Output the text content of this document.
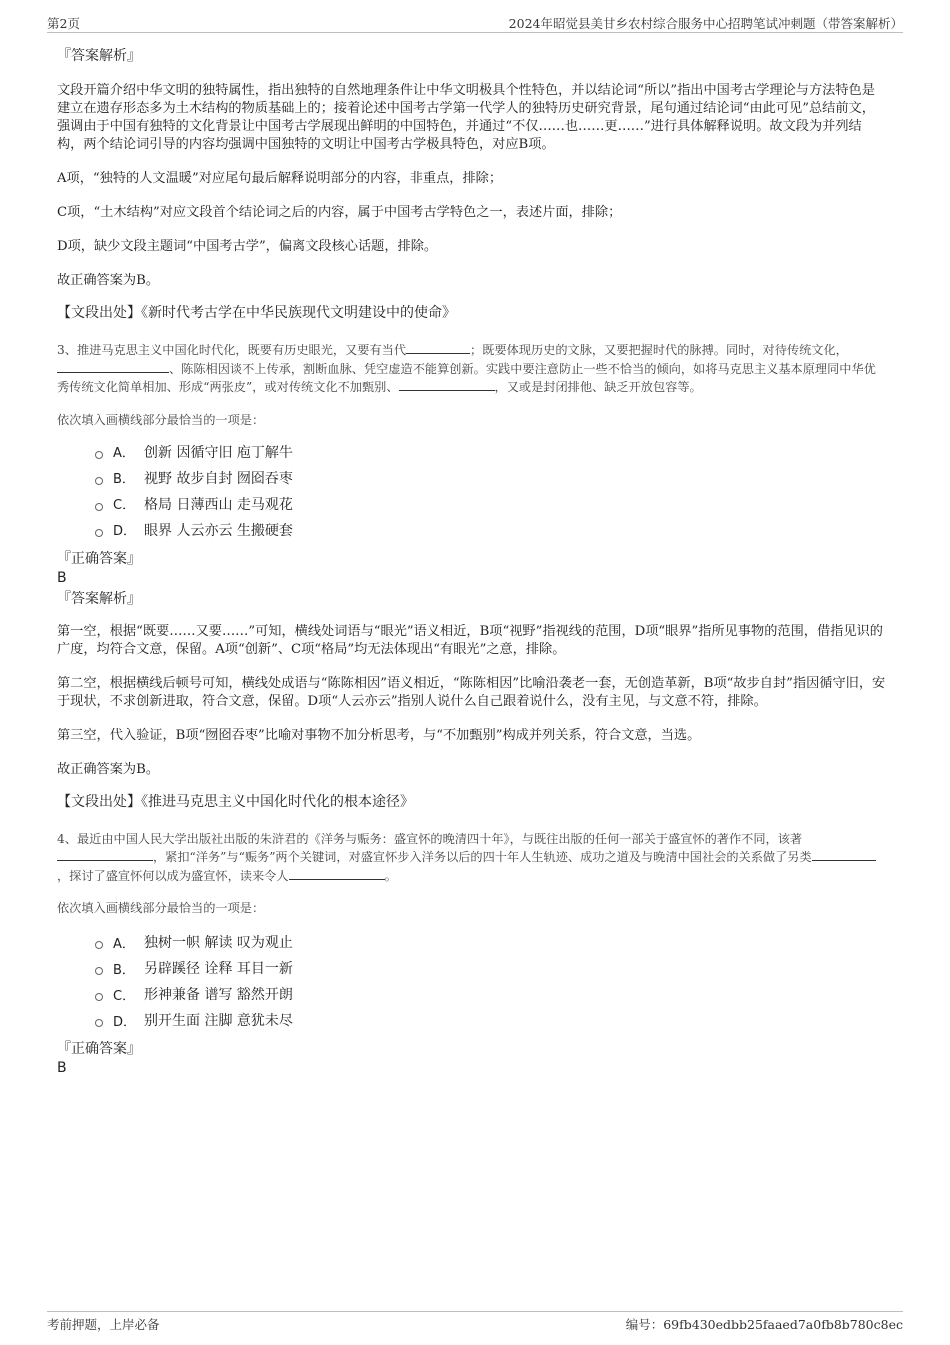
第2页	2024年昭觉县美甘乡农村综合服务中心招聘笔试冲刺题（带答案解析）
『答案解析』

文段开篇介绍中华文明的独特属性，指出独特的自然地理条件让中华文明极具个性特色，并以结论词“所以”指出中国考古学理论与方法特色是建立在遗存形态多为土木结构的物质基础上的；接着论述中国考古学第一代学人的独特历史研究背景，尾句通过结论词“由此可见”总结前文，强调由于中国有独特的文化背景让中国考古学展现出鲜明的中国特色，并通过“不仅……也……更……”进行具体解释说明。故文段为并列结构，两个结论词引导的内容均强调中国独特的文明让中国考古学极具特色，对应B项。

A项，“独特的人文温暖”对应尾句最后解释说明部分的内容，非重点，排除；

C项，“土木结构”对应文段首个结论词之后的内容，属于中国考古学特色之一，表述片面，排除；

D项，缺少文段主题词“中国考古学”，偏离文段核心话题，排除。

故正确答案为B。

【文段出处】《新时代考古学在中华民族现代文明建设中的使命》
3、推进马克思主义中国化时代化，既要有历史眼光，又要有当代	；既要体现历史的文脉，又要把握时代的脉搏。同时，对待传统文化，、陈陈相因谈不上传承，割断血脉、凭空虚造不能算创新。实践中要注意防止一些不恰当的倾向，如将马克思主义基本原理同中华优秀传统文化简单相加、形成“两张皮”，或对传统文化不加甄别、	，又或是封闭排他、缺乏开放包容等。
依次填入画横线部分最恰当的一项是：
A． 创新 因循守旧 庖丁解牛
B． 视野 故步自封 囫囵吞枣
C． 格局 日薄西山 走马观花
D． 眼界 人云亦云 生搬硬套
『正确答案』
B
『答案解析』

第一空，根据“既要……又要……”可知，横线处词语与“眼光”语义相近，B项“视野”指视线的范围，D项“眼界”指所见事物的范围，借指见识的广度，均符合文意，保留。A项“创新”、C项“格局”均无法体现出“有眼光”之意，排除。

第二空，根据横线后顿号可知，横线处成语与“陈陈相因”语义相近，“陈陈相因”比喻沿袭老一套，无创造革新，B项“故步自封”指因循守旧，安于现状，不求创新进取，符合文意，保留。D项“人云亦云”指别人说什么自己跟着说什么，没有主见，与文意不符，排除。

第三空，代入验证，B项“囫囵吞枣”比喻对事物不加分析思考，与“不加甄别”构成并列关系，符合文意，当选。

故正确答案为B。

【文段出处】《推进马克思主义中国化时代化的根本途径》
4、最近由中国人民大学出版社出版的朱浒君的《洋务与赈务：盛宣怀的晚清四十年》，与既往出版的任何一部关于盛宣怀的著作不同，该著，紧扣“洋务”与“赈务”两个关键词，对盛宣怀步入洋务以后的四十年人生轨迹、成功之道及与晚清中国社会的关系做了另类，探讨了盛宣怀何以成为盛宣怀，读来令人	。
依次填入画横线部分最恰当的一项是：
A． 独树一帜 解读 叹为观止
B． 另辟蹊径 诠释 耳目一新
C． 形神兼备 谱写 豁然开朗
D． 别开生面 注脚 意犹未尽
『正确答案』
B
考前押题，上岸必备	编号：69fb430edbb25faaed7a0fb8b780c8ec
